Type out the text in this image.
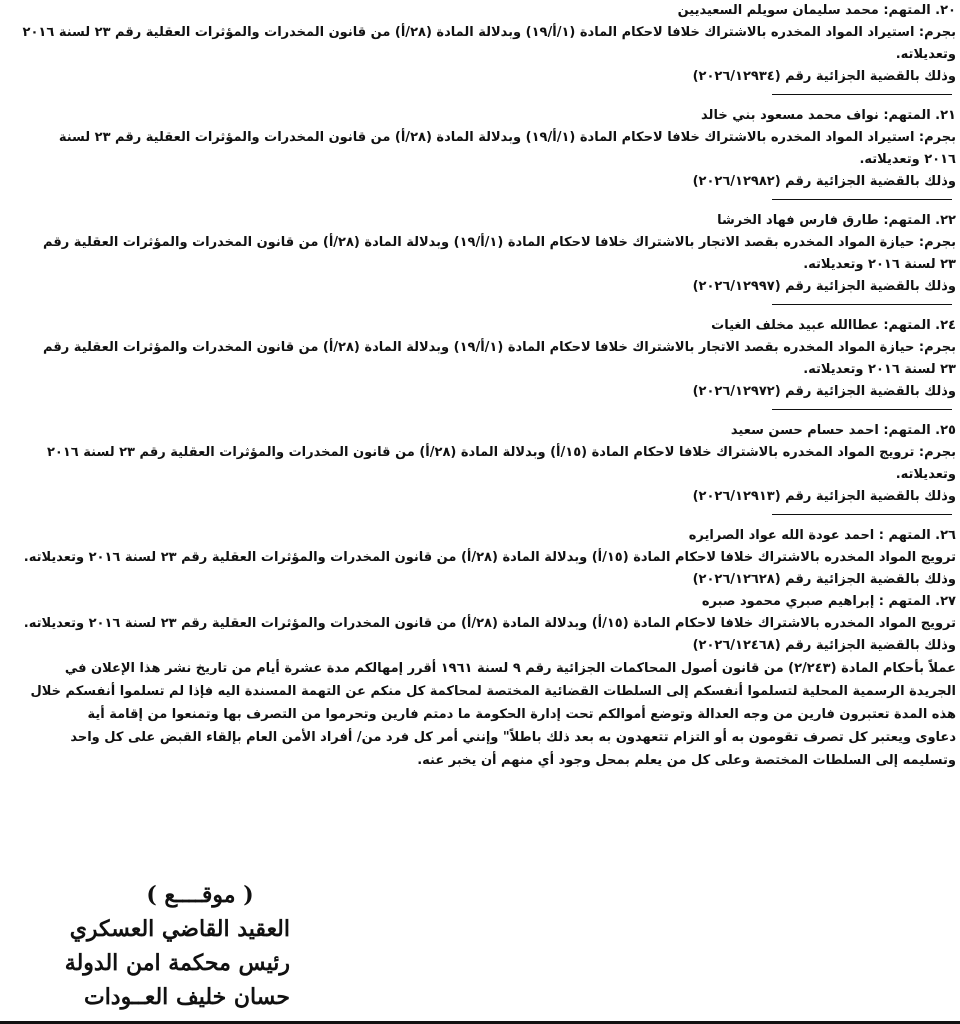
٢٠. المتهم: محمد سليمان سويلم السعيديين
بجرم: استيراد المواد المخدره بالاشتراك خلافا لاحكام المادة (١/أ/١٩) وبدلالة المادة (٢٨/أ) من قانون المخدرات والمؤثرات العقلية رقم ٢٣ لسنة ٢٠١٦
وتعديلاته.
وذلك بالقضية الجزائية رقم (٢٠٢٦/١٢٩٣٤)
٢١. المتهم: نواف محمد مسعود بني خالد
بجرم: استيراد المواد المخدره بالاشتراك خلافا لاحكام المادة (١/أ/١٩) وبدلالة المادة (٢٨/أ) من قانون المخدرات والمؤثرات العقلية رقم ٢٣ لسنة
٢٠١٦ وتعديلاته.
وذلك بالقضية الجزائية رقم (٢٠٢٦/١٢٩٨٢)
٢٢. المتهم: طارق فارس فهاد الخرشا
بجرم: حيازة المواد المخدره بقصد الاتجار بالاشتراك خلافا لاحكام المادة (١/أ/١٩) وبدلالة المادة (٢٨/أ) من قانون المخدرات والمؤثرات العقلية رقم
٢٣ لسنة ٢٠١٦ وتعديلاته.
وذلك بالقضية الجزائية رقم (٢٠٢٦/١٢٩٩٧)
٢٤. المتهم: عطاالله عبيد مخلف الغيات
بجرم: حيازة المواد المخدره بقصد الاتجار بالاشتراك خلافا لاحكام المادة (١/أ/١٩) وبدلالة المادة (٢٨/أ) من قانون المخدرات والمؤثرات العقلية رقم
٢٣ لسنة ٢٠١٦ وتعديلاته.
وذلك بالقضية الجزائية رقم (٢٠٢٦/١٢٩٧٢)
٢٥. المتهم: احمد حسام حسن سعيد
بجرم: ترويج المواد المخدره بالاشتراك خلافا لاحكام المادة (١٥/أ) وبدلالة المادة (٢٨/أ) من قانون المخدرات والمؤثرات العقلية رقم ٢٣ لسنة ٢٠١٦
وتعديلاته.
وذلك بالقضية الجزائية رقم (٢٠٢٦/١٢٩١٣)
٢٦. المتهم : احمد عودة الله عواد الصرايره
ترويج المواد المخدره بالاشتراك خلافا لاحكام المادة (١٥/أ) وبدلالة المادة (٢٨/أ) من قانون المخدرات والمؤثرات العقلية رقم ٢٣ لسنة ٢٠١٦ وتعديلاته.
وذلك بالقضية الجزائية رقم (٢٠٢٦/١٢٦٢٨)
٢٧. المتهم : إبراهيم صبري محمود صبره
ترويج المواد المخدره بالاشتراك خلافا لاحكام المادة (١٥/أ) وبدلالة المادة (٢٨/أ) من قانون المخدرات والمؤثرات العقلية رقم ٢٣ لسنة ٢٠١٦ وتعديلاته.
وذلك بالقضية الجزائية رقم (٢٠٢٦/١٢٤٦٨)
عملاً بأحكام المادة (٢/٢٤٣) من قانون أصول المحاكمات الجزائية رقم ٩ لسنة ١٩٦١ أقرر إمهالكم مدة عشرة أيام من تاريخ نشر هذا الإعلان في
الجريدة الرسمية المحلية لتسلموا أنفسكم إلى السلطات القضائية المختصة لمحاكمة كل منكم عن التهمة المسندة اليه فإذا لم تسلموا أنفسكم خلال
هذه المدة تعتبرون فارين من وجه العدالة وتوضع أموالكم تحت إدارة الحكومة ما دمتم فارين وتحرموا من التصرف بها وتمنعوا من إقامة أية
دعاوى ويعتبر كل تصرف تقومون به أو التزام تتعهدون به بعد ذلك باطلاً" وإنني أمر كل فرد من/ أفراد الأمن العام بإلقاء القبض على كل واحد
وتسليمه إلى السلطات المختصة وعلى كل من يعلم بمحل وجود أي منهم أن يخبر عنه.
( موقــــع )
العقيد القاضي العسكري
رئيس محكمة امن الدولة
حسان خليف العــودات
